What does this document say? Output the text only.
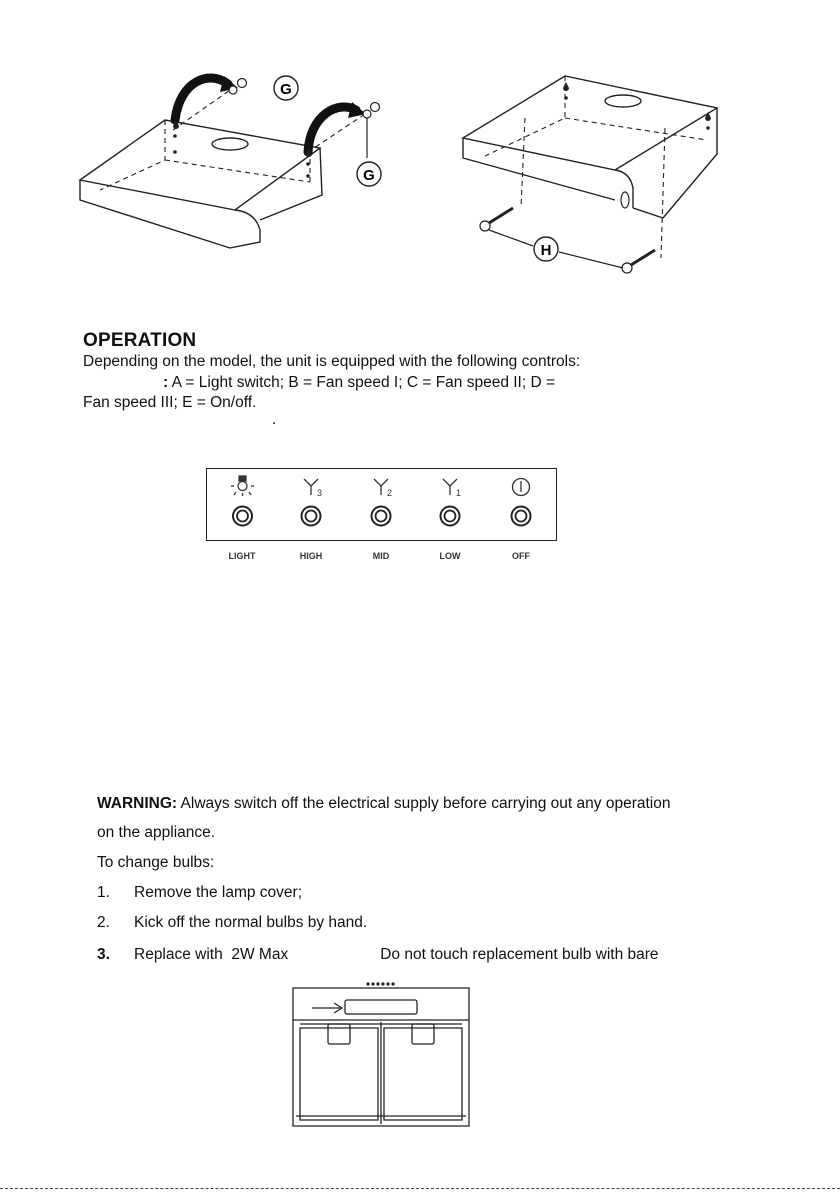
G
G
H
OPERATION
Depending on the model, the unit is equipped with the following controls:
: A = Light switch; B = Fan speed I; C = Fan speed II; D =
Fan speed III; E = On/off.
.
3	2	1
LIGHT	HIGH	MID	LOW	OFF
WARNING: Always switch off the electrical supply before carrying out any operation
on the appliance.
To change bulbs:
1. Remove the lamp cover;
2. Kick off the normal bulbs by hand.
3. Replace with 2W Max	Do not touch replacement bulb with bare
